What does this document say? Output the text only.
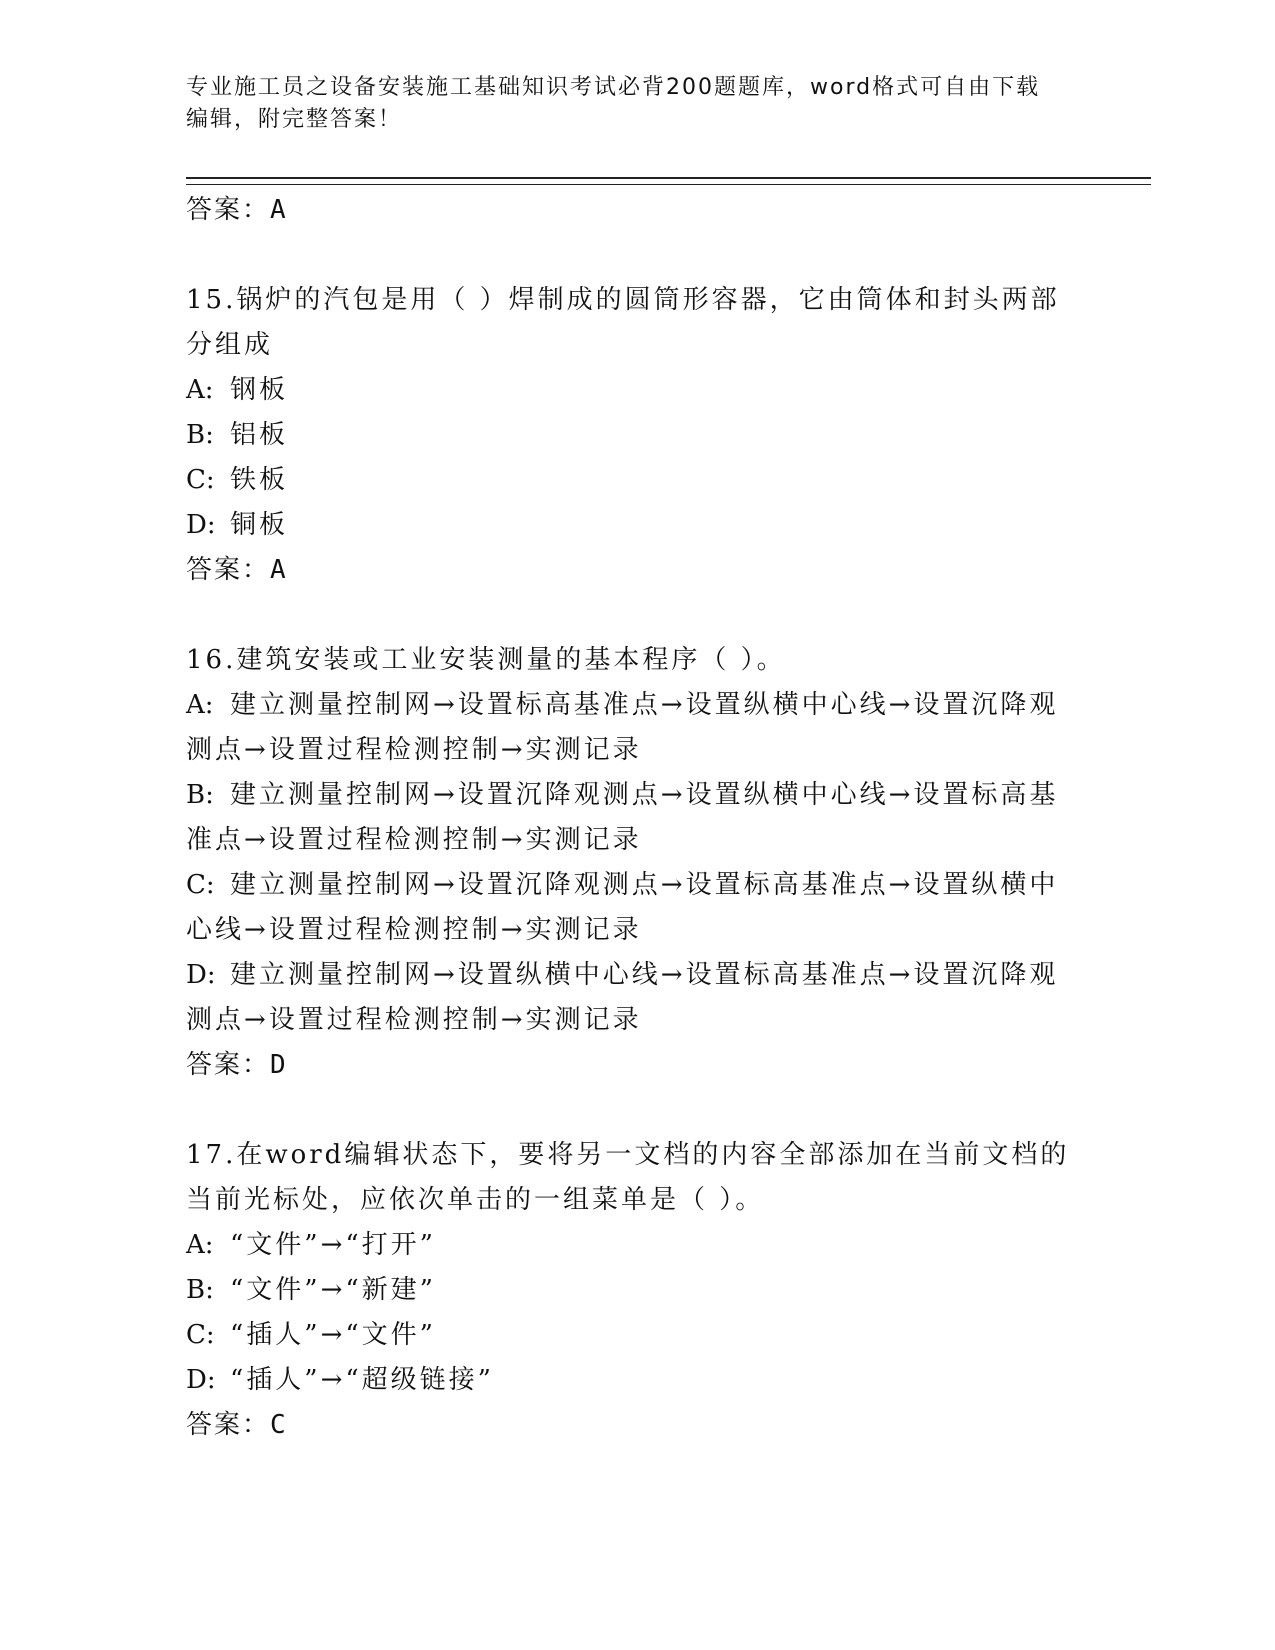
专业施工员之设备安装施工基础知识考试必背200题题库，word格式可自由下载
编辑，附完整答案！
答案：A
15.锅炉的汽包是用（ ）焊制成的圆筒形容器，它由筒体和封头两部
分组成
A: 钢板
B: 铝板
C: 铁板
D: 铜板
答案：A
16.建筑安装或工业安装测量的基本程序（ ）。
A: 建立测量控制网→设置标高基准点→设置纵横中心线→设置沉降观
测点→设置过程检测控制→实测记录
B: 建立测量控制网→设置沉降观测点→设置纵横中心线→设置标高基
准点→设置过程检测控制→实测记录
C: 建立测量控制网→设置沉降观测点→设置标高基准点→设置纵横中
心线→设置过程检测控制→实测记录
D: 建立测量控制网→设置纵横中心线→设置标高基准点→设置沉降观
测点→设置过程检测控制→实测记录
答案：D
17.在word编辑状态下，要将另一文档的内容全部添加在当前文档的
当前光标处，应依次单击的一组菜单是（ ）。
A: “文件”→“打开”
B: “文件”→“新建”
C: “插人”→“文件”
D: “插人”→“超级链接”
答案：C
